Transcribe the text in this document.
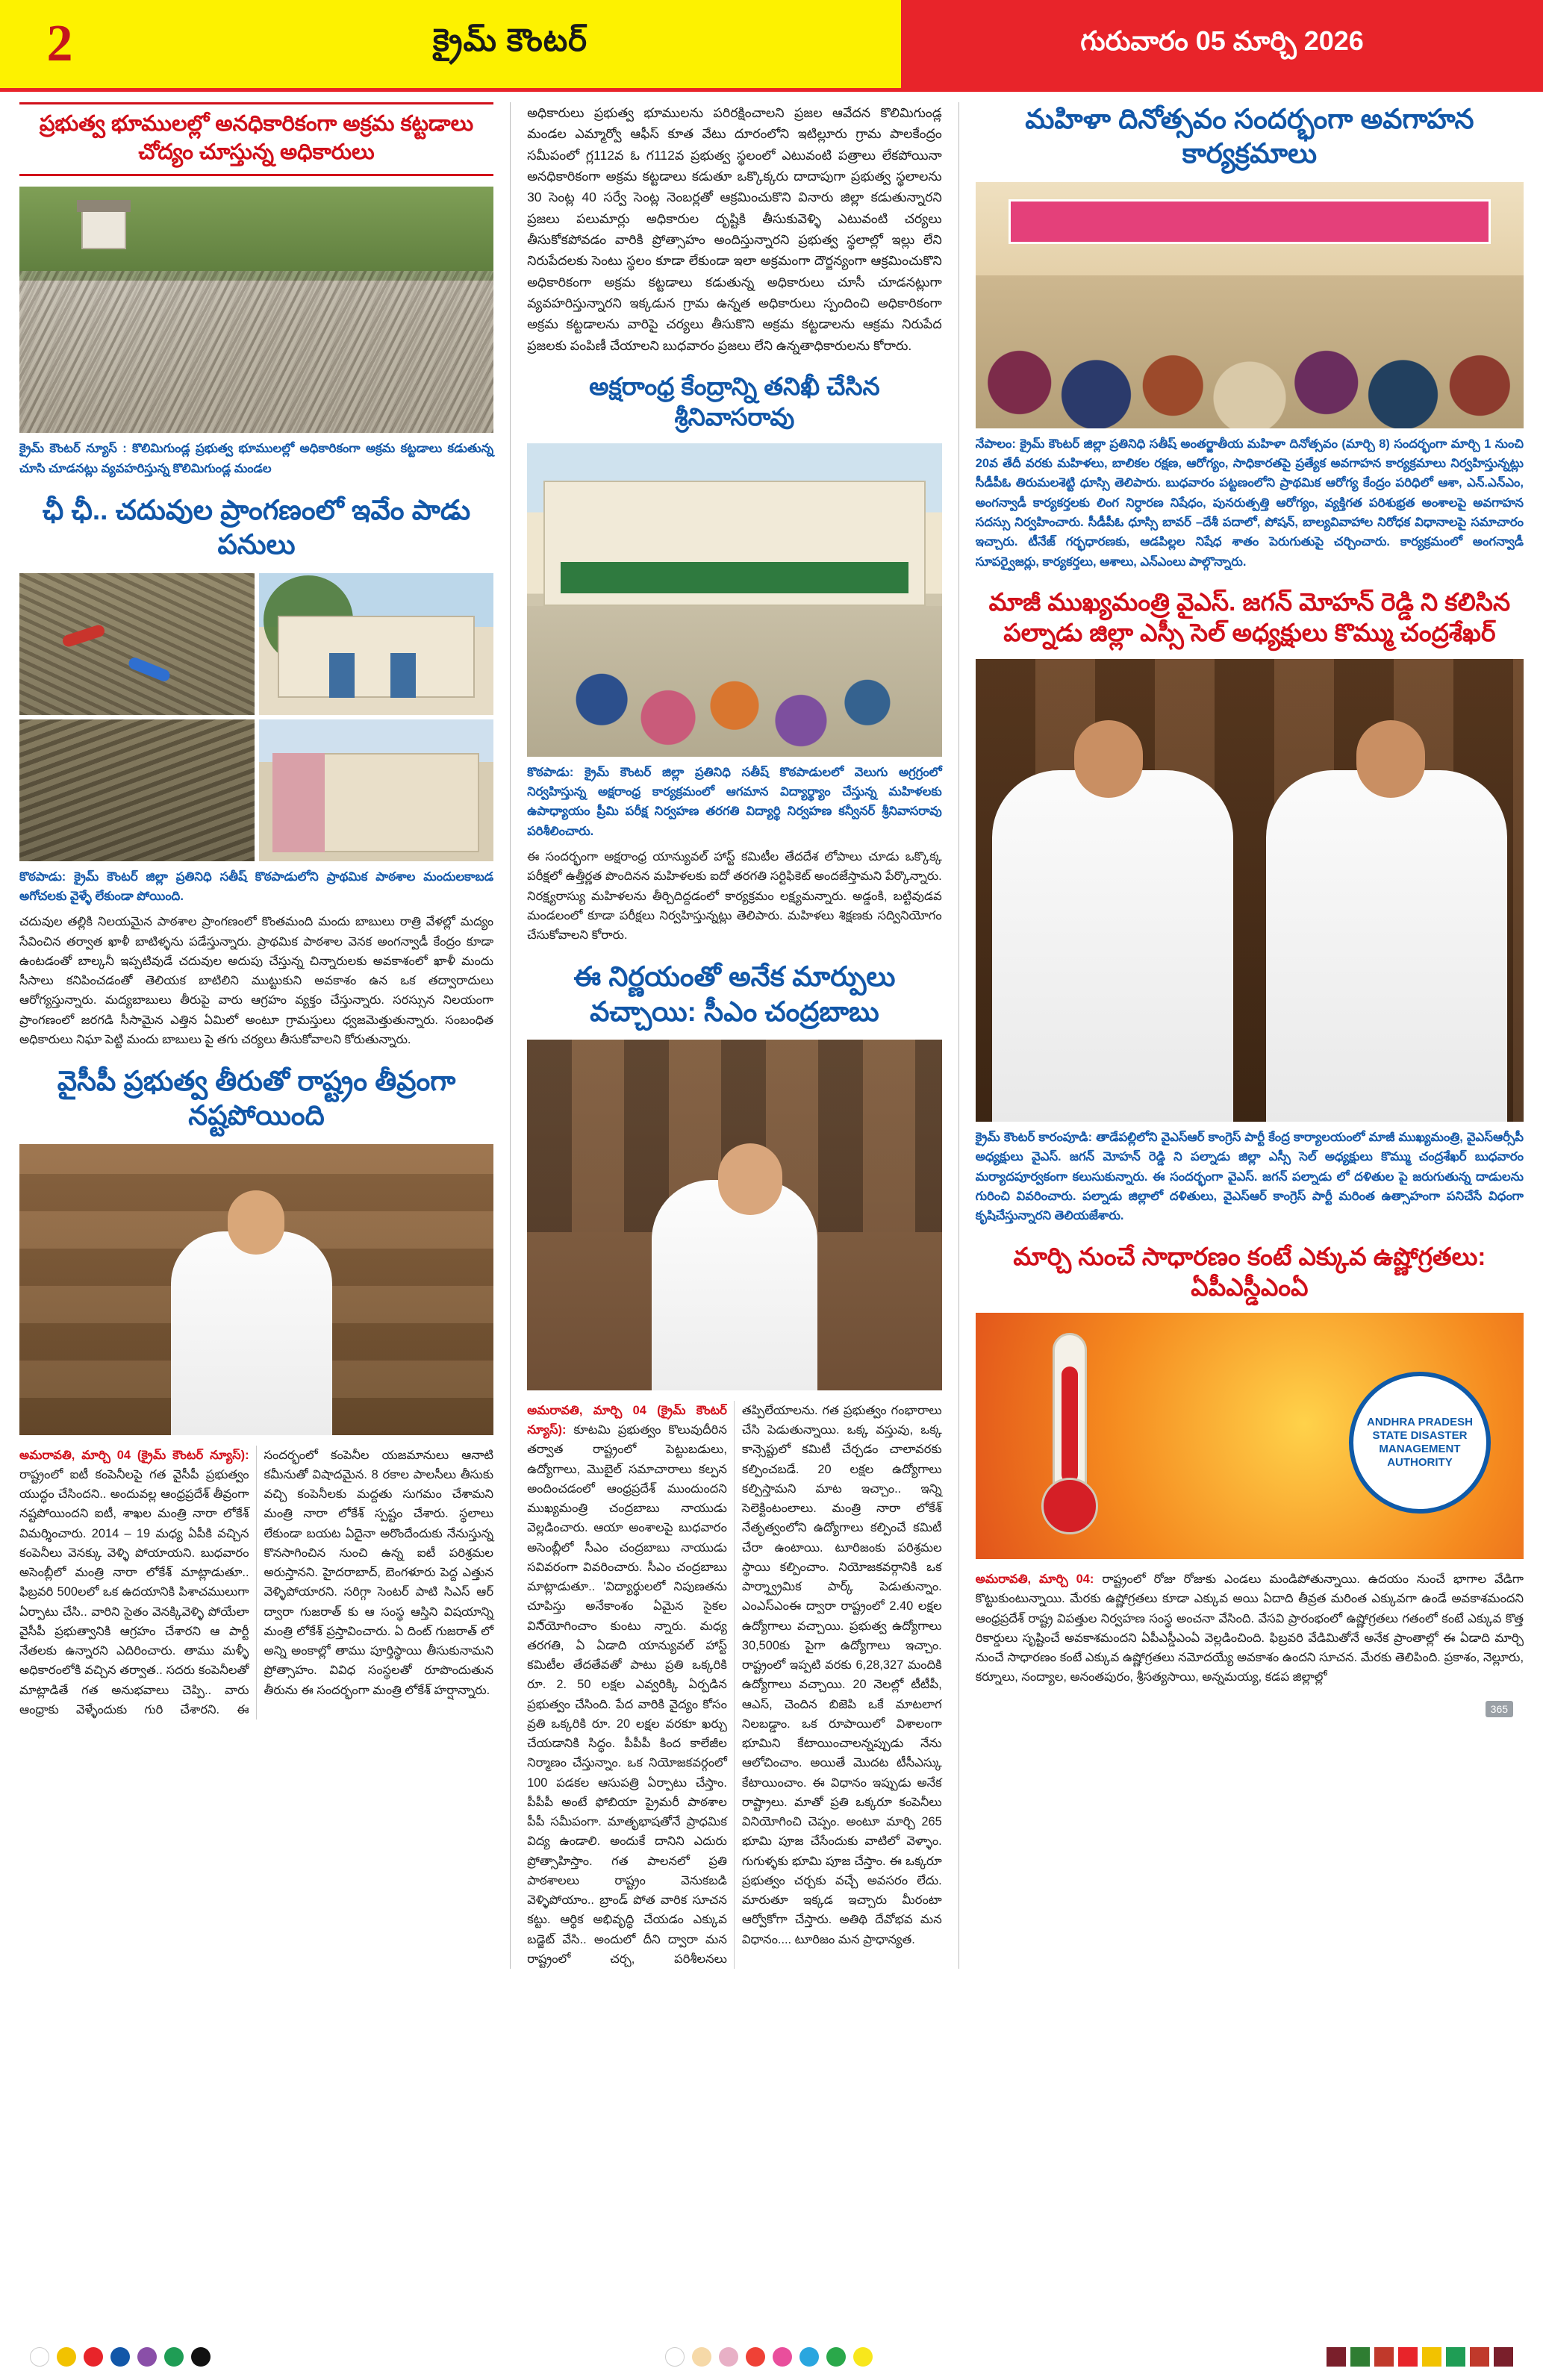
2	క్రైమ్ కౌంటర్	గురువారం 05 మార్చి 2026
ప్రభుత్వ భూములల్లో అనధికారికంగా అక్రమ కట్టడాలు చోద్యం చూస్తున్న అధికారులు
క్రైమ్ కౌంటర్ న్యూస్ : కొలిమిగుండ్ల ప్రభుత్వ భూములల్లో అధికారికంగా అక్రమ కట్టడాలు కడుతున్న చూసి చూడనట్లు వ్యవహరిస్తున్న కొలిమిగుండ్ల మండల
ఛీ ఛీ.. చదువుల ప్రాంగణంలో ఇవేం పాడు పనులు
కొఠపాడు: క్రైమ్ కౌంటర్ జిల్లా ప్రతినిధి సతీష్ కొఠపాడులోని ప్రాథమిక పాఠశాల మందులకాబడ అగోచలకు వైళ్ళే లేకుండా పోయింది.
చదువుల తల్లికి నిలయమైన పాఠశాల ప్రాంగణంలో కొంతమంది మందు బాబులు రాత్రి వేళల్లో మద్యం సేవించిన తర్వాత ఖాళీ బాటిళ్ళను పడేస్తున్నారు. ప్రాథమిక పాఠశాల వెనక అంగన్వాడీ కేంద్రం కూడా ఉంటడంతో బాల్కనీ ఇప్పటివుడే చదువుల అదుపు చేస్తున్న చిన్నారులకు అవకాశంలో ఖాళీ మందు సీసాలు కనిపించడంతో తెలియక బాటిలిని ముట్టుకుని అవకాశం ఉన ఒక తద్వారాదులు ఆరోగ్యస్తున్నారు. మద్యబాబులు తీరుపై వారు ఆగ్రహం వ్యక్తం చేస్తున్నారు. సరస్సున నిలయంగా ప్రాంగణంలో జరగడి సీసామైన ఎత్తిన ఏమిలో అంటూ గ్రామస్తులు ధ్వజమెత్తుతున్నారు. సంబంధిత అధికారులు నిఘా పెట్టి మందు బాబులు పై తగు చర్యలు తీసుకోవాలని కోరుతున్నారు.
వైసీపీ ప్రభుత్వ తీరుతో రాష్ట్రం తీవ్రంగా నష్టపోయింది
అమరావతి, మార్చి 04 (క్రైమ్ కౌంటర్ న్యూస్): రాష్ట్రంలో ఐటీ కంపెనీలపై గత వైసీపీ ప్రభుత్వం యుద్ధం చేసిందని.. అందువల్ల ఆంధ్రప్రదేశ్ తీవ్రంగా నష్టపోయిందని ఐటీ, శాఖల మంత్రి నారా లోకేశ్ విమర్శించారు. 2014 – 19 మధ్య ఏపీకి వచ్చిన కంపెనీలు వెనక్కు వెళ్ళి పోయాయని. బుధవారం అసెంబ్లీలో మంత్రి నారా లోకేశ్ మాట్లాడుతూ.. ఫిబ్రవరి 500లలో ఒక ఉదయానికి పిశాచములుగా ఏర్పాటు చేసి.. వారిని సైతం వెనక్కివెళ్ళి పోయేలా వైసీపీ ప్రభుత్వానికి ఆగ్రహం చేశారని ఆ పార్టీ నేతలకు ఉన్నారని ఎదిరించారు. తాము మళ్ళీ అధికారంలోకి వచ్చిన తర్వాత.. సదరు కంపెనీలతో మాట్లాడితే గత అనుభవాలు చెప్పి.. వారు ఆంధ్రాకు వెళ్ళేందుకు గురి చేశారని. ఈ సందర్భంలో కంపెనీల యజమానులు ఆనాటి కమీనుతో విషాదమైన. 8 రకాల పాలసీలు తీసుకు వచ్చి కంపెనీలకు మద్దతు సుగమం చేశామని మంత్రి నారా లోకేశ్ స్పష్టం చేశారు. స్థలాలు లేకుండా బయట ఏదైనా అరొందేందుకు నేనుస్తున్న కొనసాగించిన నుంచి ఉన్న ఐటీ పరిశ్రమల అరుస్తానని. హైదరాబాద్, బెంగళూరు పెద్ద ఎత్తున వెళ్ళిపోయారని. సరిగ్గా సెంటర్ పాటి సిఎస్ ఆర్ ద్వారా గుజరాత్ కు ఆ సంస్థ ఆస్తిని విషయాన్ని మంత్రి లోకేశ్ ప్రస్తావించారు. ఏ దింట్ గుజరాత్ లో అన్ని అంకాల్లో తాము పూర్తిస్థాయి తీసుకునామని ప్రోత్సాహం. వివిధ సంస్థలతో రూపొందుతున తీరును ఈ సందర్భంగా మంత్రి లోకేశ్ హర్షాన్నారు.
అధికారులు ప్రభుత్వ భూములను పరిరక్షించాలని ప్రజల ఆవేదన కొలిమిగుండ్ల మండల ఎమ్మార్వో ఆఫీస్ కూత వేటు దూరంలోని ఇటిల్లూరు గ్రామ పాలకేంద్రం సమీపంలో గ్ల112వ ఓ గ112వ ప్రభుత్వ స్థలంలో ఎటువంటి పత్రాలు లేకపోయినా అనధికారికంగా అక్రమ కట్టడాలు కడుతూ ఒక్కొక్కరు దాదాపుగా ప్రభుత్వ స్థలాలను 30 సెంట్ల 40 సర్వే సెంట్ల నెంబర్లతో ఆక్రమించుకొని వినారు జిల్లా కడుతున్నారని ప్రజలు పలుమార్లు అధికారుల దృష్టికి తీసుకువెళ్ళి ఎటువంటి చర్యలు తీసుకోకపోవడం వారికి ప్రోత్సాహం అందిస్తున్నారని ప్రభుత్వ స్థలాల్లో ఇల్లు లేని నిరుపేదలకు సెంటు స్థలం కూడా లేకుండా ఇలా అక్రమంగా దౌర్జన్యంగా ఆక్రమించుకొని అధికారికంగా అక్రమ కట్టడాలు కడుతున్న అధికారులు చూసీ చూడనట్లుగా వ్యవహరిస్తున్నారని ఇక్కడున గ్రామ ఉన్నత అధికారులు స్పందించి అధికారికంగా అక్రమ కట్టడాలను వారిపై చర్యలు తీసుకొని అక్రమ కట్టడాలను ఆక్రమ నిరుపేద ప్రజలకు పంపిణీ చేయాలని బుధవారం ప్రజలు లేని ఉన్నతాధికారులను కోరారు.
అక్షరాంధ్ర కేంద్రాన్ని తనిఖీ చేసిన శ్రీనివాసరావు
కొఠపాడు: క్రైమ్ కౌంటర్ జిల్లా ప్రతినిధి సతీష్ కొఠపాడులలో వెలుగు అగ్రగ్రంలో నిర్వహిస్తున్న అక్షరాంధ్ర కార్యక్రమంలో ఆగమాన విద్యార్థ్యాం చేస్తున్న మహిళలకు ఉపాధ్యాయం ప్రీమి పరీక్ష నిర్వహణ తరగతి విద్యార్థి నిర్వహణ కన్వీనర్ శ్రీనివాసరావు పరిశీలించారు.
ఈ సందర్భంగా అక్షరాంధ్ర యాన్యువల్ హాస్ట్ కమిటీల తేదదేశ లోపాలు చూడు ఒక్కొక్క పరీక్షలో ఉత్తీర్ణత పొందినన మహిళలకు ఐదో తరగతి సర్టిఫికెట్ అందజేస్తామని పేర్కొన్నారు. నిరక్ష్యరాస్యు మహిళలను తీర్చిదిద్దడంలో కార్యక్రమం లక్ష్యమన్నారు. అడ్డంకి, బట్టివుడవ మండలంలో కూడా పరీక్షలు నిర్వహిస్తున్నట్లు తెలిపారు. మహిళలు శిక్షణకు సద్వినియోగం చేసుకోవాలని కోరారు.
ఈ నిర్ణయంతో అనేక మార్పులు వచ్చాయి: సీఎం చంద్రబాబు
అమరావతి, మార్చి 04 (క్రైమ్ కౌంటర్ న్యూస్): కూటమి ప్రభుత్వం కొలువుదీరిన తర్వాత రాష్ట్రంలో పెట్టుబడులు, ఉద్యోగాలు, మొబైల్ సమాచారాలు కల్పన అందించడంలో ఆంధ్రప్రదేశ్ ముందుందని ముఖ్యమంత్రి చంద్రబాబు నాయుడు వెల్లడించారు. ఆయా అంశాలపై బుధవారం అసెంబ్లీలో సీఎం చంద్రబాబు నాయుడు సవివరంగా వివరించారు. సీఎం చంద్రబాబు మాట్లాడుతూ.. 'విద్యార్థులలో నిపుణతను చూపిస్తు అనేకాంశం ఏమైన సైకల విని్యోగించాం కుంటు న్నారు. మధ్య తరగతి, ఏ ఏడాది యాన్యువల్ హాస్ట్ కమిటీల తేదతేవతో పాటు ప్రతి ఒక్కరికి రూ. 2. 50 లక్షల ఎవ్వరిక్కి ఏర్పడిన ప్రభుత్వం చేసింది. పేద వారికి వైద్యం కోసం వ్రతి ఒక్కరికి రూ. 20 లక్షల వరకూ ఖర్చు చేయడానికి సిద్ధం. పీపీపీ కింద కాలేజీల నిర్మాణం చేస్తున్నాం. ఒక నియోజకవర్గంలో 100 పడకల ఆసుపత్రి ఏర్పాటు చేస్తాం. పీపీపీ అంటే ఫోబియా ప్రైమరీ పాఠశాల పీపీ సమీపంగా. మాతృభాషతోనే ప్రాధమిక విద్య ఉండాలి. అందుకే దానిని ఎదురు ప్రోత్సాహిస్తాం. గత పాలనలో ప్రతి పాఠశాలలు రాష్ట్రం వెనుకబడి వెళ్ళిపోయాం.. బ్రాండ్ పోత వారిక సూచన కట్టు. ఆర్థిక అభివృద్ధి చేయడం ఎక్కువ బడ్జెట్ వేసి.. అందులో దీని ద్వారా మన రాష్ట్రంలో చర్చ, పరిశీలనలు తప్పిలేయాలను. గత ప్రభుత్వం గంభారాలు చేసి పెడుతున్నాయి. ఒక్క వస్తువు, ఒక్క కాన్సెప్టులో కమిటీ చేర్చడం చాలావరకు కల్పించబడే. 20 లక్షల ఉద్యోగాలు కల్పిస్తామని మాట ఇచ్చాం.. ఇన్ని సెలెక్టింటంలాలు. మంత్రి నారా లోకేశ్ నేతృత్వంలోని ఉద్యోగాలు కల్పించే కమిటీ చేరా ఉంటాయి. టూరిజంకు పరిశ్రమల స్థాయి కల్పించాం. నియోజకవర్గానికి ఒక పార్శ్వ్రామిక పార్క్ పెడుతున్నాం. ఎంఎస్ఎంఈ ద్వారా రాష్ట్రంలో 2.40 లక్షల ఉద్యోగాలు వచ్చాయి. ప్రభుత్వ ఉద్యోగాలు 30,500కు పైగా ఉద్యోగాలు ఇచ్చాం. రాష్ట్రంలో ఇప్పటి వరకు 6,28,327 మందికి ఉద్యోగాలు వచ్చాయి. 20 నెలల్లో టీటీపీ, ఆఎస్, చెందిన బిజెపి ఒకే మాటలాగ నిలబడ్డాం. ఒక రూపాయిలో విశాలంగా భూమిని కేటాయించాలన్నప్పుడు నేను ఆలోచించాం. అయితే మొదట టీసీఎస్కు కేటాయించాం. ఈ విధానం ఇప్పుడు అనేక రాష్ట్రాలు. మాతో ప్రతి ఒక్కరూ కంపెనీలు వినియోగించి చెప్పం. అంటూ మార్చి 265 భూమి పూజ చేసేందుకు వాటిలో వెళ్ళాం. గుగుళ్ళకు భూమి పూజ చేస్తాం. ఈ ఒక్కరూ ప్రభుత్వం చర్చకు వచ్చే అవసరం లేదు. మారుతూ ఇక్కడ ఇచ్చారు మీరంటా ఆర్వోకోగా చేస్తారు. అతిథి దేవోభవ మన విధానం.... టూరిజం మన ప్రాధాన్యత.
మహిళా దినోత్సవం సందర్భంగా అవగాహన కార్యక్రమాలు
నేపాలం: క్రైమ్ కౌంటర్ జిల్లా ప్రతినిధి సతీష్ అంతర్జాతీయ మహిళా దినోత్సవం (మార్చి 8) సందర్భంగా మార్చి 1 నుంచి 20వ తేదీ వరకు మహిళలు, బాలికల రక్షణ, ఆరోగ్యం, సాధికారతపై ప్రత్యేక అవగాహన కార్యక్రమాలు నిర్వహిస్తున్నట్లు సీడీపీఓ తిరుమలశెట్టి ధూస్సి తెలిపారు. బుధవారం పట్టణంలోని ప్రాథమిక ఆరోగ్య కేంద్రం పరిధిలో ఆశా, ఎన్.ఎన్ఎం, అంగన్వాడీ కార్యకర్తలకు లింగ నిర్ధారణ నిషేధం, పునరుత్పత్తి ఆరోగ్యం, వ్యక్తిగత పరిశుభ్రత అంశాలపై అవగాహన సదస్సు నిర్వహించారు. సీడీపీఓ ధూస్సి బావర్ –దేశీ పదాలో, పోషన్, బాల్యవివాహాల నిరోధక విధానాలపై సమాచారం ఇచ్చారు. టీనేజ్ గర్భధారణకు, ఆడపిల్లల నిషేధ శాతం పెరుగుతుపై చర్చించారు. కార్యక్రమంలో అంగన్వాడీ సూపర్వైజర్లు, కార్యకర్తలు, ఆశాలు, ఎన్ఎంలు పాల్గొన్నారు.
మాజీ ముఖ్యమంత్రి వైఎస్. జగన్ మోహన్ రెడ్డి ని కలిసిన పల్నాడు జిల్లా ఎస్సీ సెల్ అధ్యక్షులు కొమ్ము చంద్రశేఖర్
క్రైమ్ కౌంటర్ కారంపూడి: తాడేపల్లిలోని వైఎస్ఆర్ కాంగ్రెస్ పార్టీ కేంద్ర కార్యాలయంలో మాజీ ముఖ్యమంత్రి, వైఎస్ఆర్సీపీ అధ్యక్షులు వైఎస్. జగన్ మోహన్ రెడ్డి ని పల్నాడు జిల్లా ఎస్సీ సెల్ అధ్యక్షులు కొమ్ము చంద్రశేఖర్ బుధవారం మర్యాదపూర్వకంగా కలుసుకున్నారు. ఈ సందర్భంగా వైఎస్. జగన్ పల్నాడు లో దళితుల పై జరుగుతున్న దాడులను గురించి వివరించారు. పల్నాడు జిల్లాలో దళితులు, వైఎస్ఆర్ కాంగ్రెస్ పార్టీ మరింత ఉత్సాహంగా పనిచేసే విధంగా కృషిచేస్తున్నారని తెలియజేశారు.
మార్చి నుంచే సాధారణం కంటే ఎక్కువ ఉష్ణోగ్రతలు: ఏపీఎస్డీఎంఏ
ANDHRA PRADESH
STATE DISASTER
MANAGEMENT AUTHORITY
అమరావతి, మార్చి 04: రాష్ట్రంలో రోజు రోజుకు ఎండలు మండిపోతున్నాయి. ఉదయం నుంచే భాగాల వేడిగా కొట్టుకుంటున్నాయి. మేరకు ఉష్ణోగ్రతలు కూడా ఎక్కువ అయి ఏదాది తీవ్రత మరింత ఎక్కువగా ఉండే అవకాశమందని ఆంధ్రప్రదేశ్ రాష్ట్ర విపత్తుల నిర్వహణ సంస్థ అంచనా వేసింది. వేసవి ప్రారంభంలో ఉష్ణోగ్రతలు గతంలో కంటే ఎక్కువ కొత్త రికార్డులు సృష్టించే అవకాశమందని ఏపీఎస్డీఎంఏ వెల్లడించింది. ఫిబ్రవరి వేడిమితోనే అనేక ప్రాంతాల్లో ఈ ఏడాది మార్చి నుంచే సాధారణం కంటే ఎక్కువ ఉష్ణోగ్రతలు నమోదయ్యే అవకాశం ఉందని సూచన. మేరకు తెలిపింది. ప్రకాశం, నెల్లూరు, కర్నూలు, నంద్యాల, అనంతపురం, శ్రీసత్యసాయి, అన్నమయ్య, కడప జిల్లాల్లో
365
